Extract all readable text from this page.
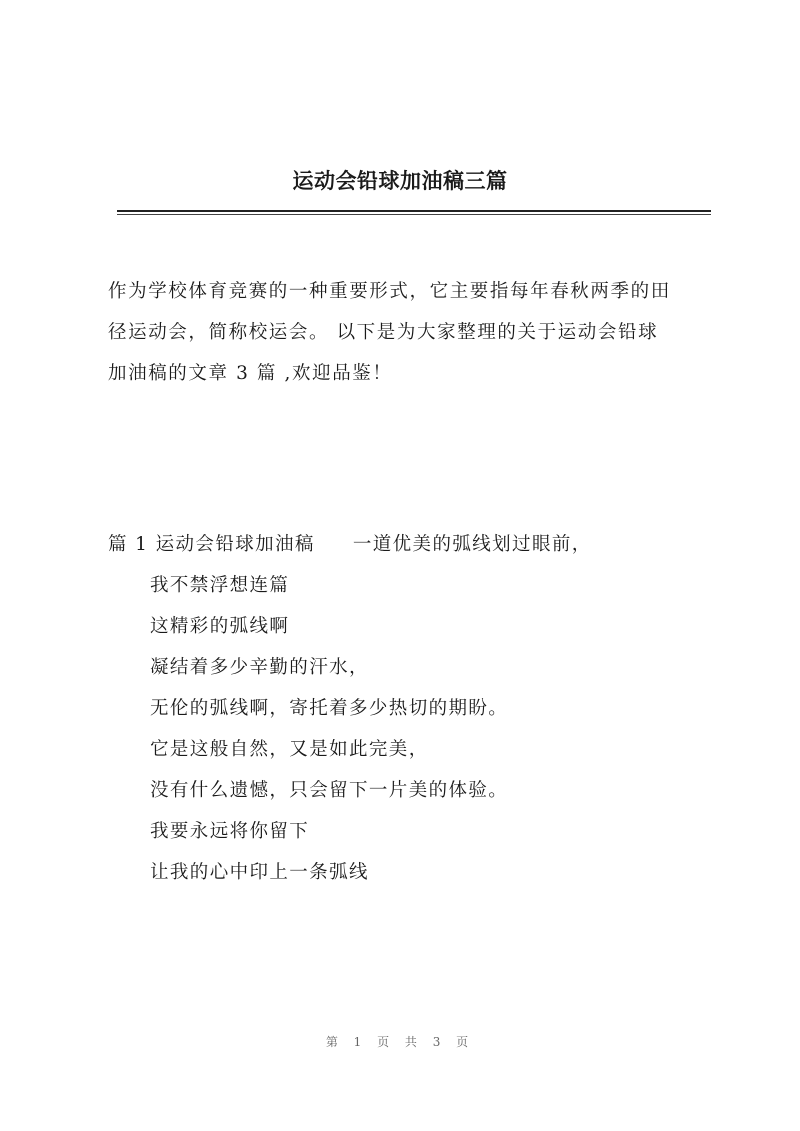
运动会铅球加油稿三篇

作为学校体育竞赛的一种重要形式，它主要指每年春秋两季的田

径运动会，简称校运会。 以下是为大家整理的关于运动会铅球

加油稿的文章 3 篇 ,欢迎品鉴！

篇 1 运动会铅球加油稿 一道优美的弧线划过眼前，
我不禁浮想连篇
这精彩的弧线啊
凝结着多少辛勤的汗水，
无伦的弧线啊，寄托着多少热切的期盼。
它是这般自然，又是如此完美，
没有什么遗憾，只会留下一片美的体验。
我要永远将你留下
让我的心中印上一条弧线
第 1 页 共 3 页
